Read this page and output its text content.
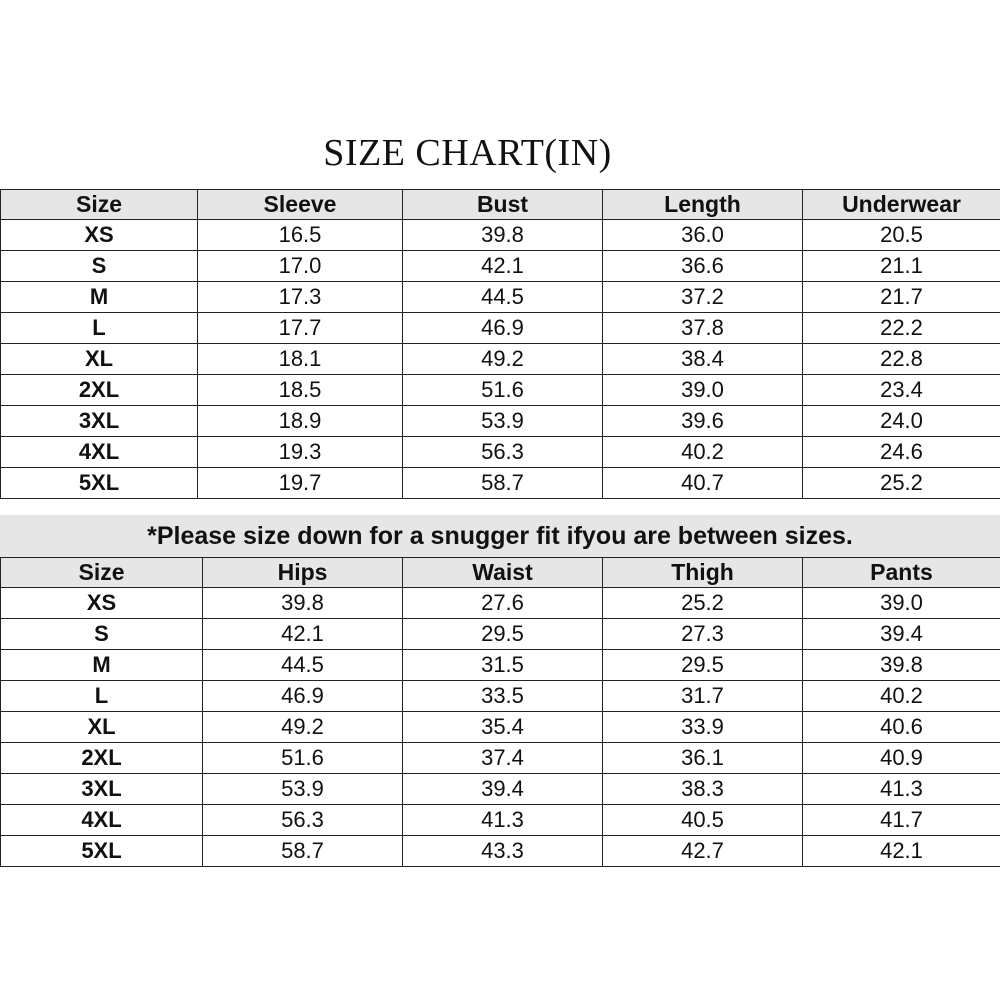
SIZE CHART(IN)
Size	Sleeve	Bust	Length	Underwear
XS	16.5	39.8	36.0	20.5
S	17.0	42.1	36.6	21.1
M	17.3	44.5	37.2	21.7
L	17.7	46.9	37.8	22.2
XL	18.1	49.2	38.4	22.8
2XL	18.5	51.6	39.0	23.4
3XL	18.9	53.9	39.6	24.0
4XL	19.3	56.3	40.2	24.6
5XL	19.7	58.7	40.7	25.2
*Please size down for a snugger fit ifyou are between sizes.
Size	Hips	Waist	Thigh	Pants
XS	39.8	27.6	25.2	39.0
S	42.1	29.5	27.3	39.4
M	44.5	31.5	29.5	39.8
L	46.9	33.5	31.7	40.2
XL	49.2	35.4	33.9	40.6
2XL	51.6	37.4	36.1	40.9
3XL	53.9	39.4	38.3	41.3
4XL	56.3	41.3	40.5	41.7
5XL	58.7	43.3	42.7	42.1
